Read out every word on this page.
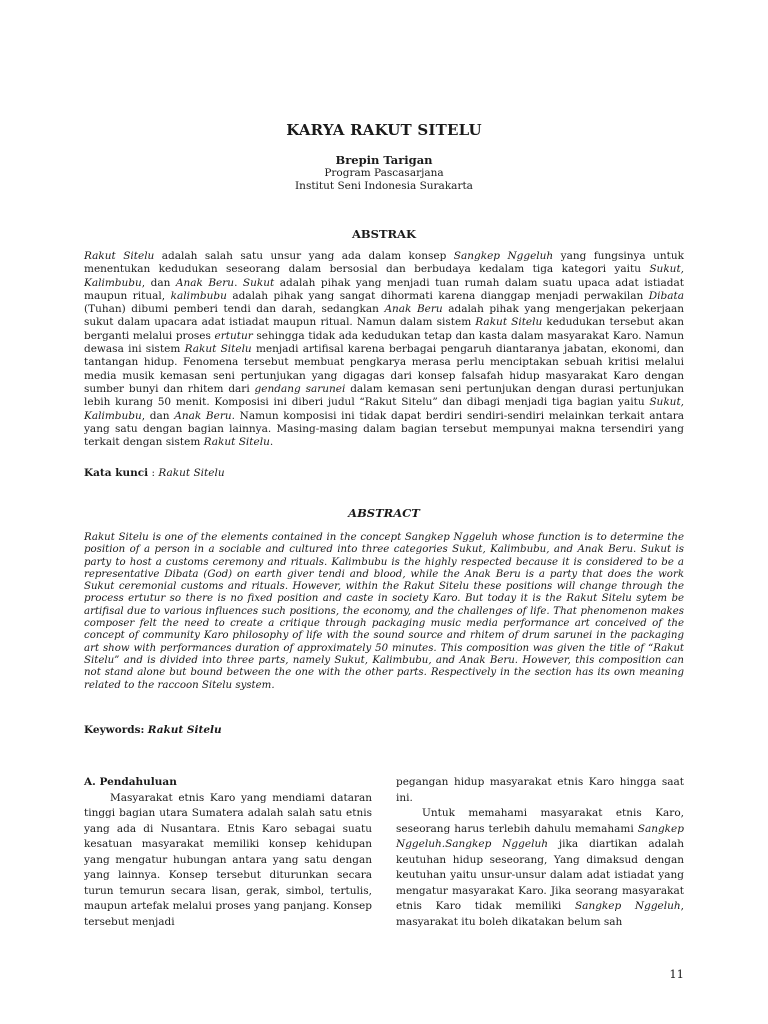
KARYA RAKUT SITELU
Brepin Tarigan
Program Pascasarjana
Institut Seni Indonesia Surakarta
ABSTRAK

Rakut Sitelu adalah salah satu unsur yang ada dalam konsep Sangkep Nggeluh yang fungsinya untuk menentukan kedudukan seseorang dalam bersosial dan berbudaya kedalam tiga kategori yaitu Sukut, Kalimbubu, dan Anak Beru. Sukut adalah pihak yang menjadi tuan rumah dalam suatu upaca adat istiadat maupun ritual, kalimbubu adalah pihak yang sangat dihormati karena dianggap menjadi perwakilan Dibata (Tuhan) dibumi pemberi tendi dan darah, sedangkan Anak Beru adalah pihak yang mengerjakan pekerjaan sukut dalam upacara adat istiadat maupun ritual. Namun dalam sistem Rakut Sitelu kedudukan tersebut akan berganti melalui proses ertutur sehingga tidak ada kedudukan tetap dan kasta dalam masyarakat Karo. Namun dewasa ini sistem Rakut Sitelu menjadi artifisal karena berbagai pengaruh diantaranya jabatan, ekonomi, dan tantangan hidup. Fenomena tersebut membuat pengkarya merasa perlu menciptakan sebuah kritisi melalui media musik kemasan seni pertunjukan yang digagas dari konsep falsafah hidup masyarakat Karo dengan sumber bunyi dan rhitem dari gendang sarunei dalam kemasan seni pertunjukan dengan durasi pertunjukan lebih kurang 50 menit. Komposisi ini diberi judul “Rakut Sitelu” dan dibagi menjadi tiga bagian yaitu Sukut, Kalimbubu, dan Anak Beru. Namun komposisi ini tidak dapat berdiri sendiri-sendiri melainkan terkait antara yang satu dengan bagian lainnya. Masing-masing dalam bagian tersebut mempunyai makna tersendiri yang terkait dengan sistem Rakut Sitelu.

Kata kunci : Rakut Sitelu
ABSTRACT

Rakut Sitelu is one of the elements contained in the concept Sangkep Nggeluh whose function is to determine the position of a person in a sociable and cultured into three categories Sukut, Kalimbubu, and Anak Beru. Sukut is party to host a customs ceremony and rituals. Kalimbubu is the highly respected because it is considered to be a representative Dibata (God) on earth giver tendi and blood, while the Anak Beru is a party that does the work Sukut ceremonial customs and rituals. However, within the Rakut Sitelu these positions will change through the process ertutur so there is no fixed position and caste in society Karo. But today it is the Rakut Sitelu sytem be artifisal due to various influences such positions, the economy, and the challenges of life. That phenomenon makes composer felt the need to create a critique through packaging music media performance art conceived of the concept of community Karo philosophy of life with the sound source and rhitem of drum sarunei in the packaging art show with performances duration of approximately 50 minutes. This composition was given the title of “Rakut Sitelu” and is divided into three parts, namely Sukut, Kalimbubu, and Anak Beru. However, this composition can not stand alone but bound between the one with the other parts. Respectively in the section has its own meaning related to the raccoon Sitelu system.

Keywords: Rakut Sitelu
A. Pendahuluan

Masyarakat etnis Karo yang mendiami dataran tinggi bagian utara Sumatera adalah salah satu etnis yang ada di Nusantara. Etnis Karo sebagai suatu kesatuan masyarakat memiliki konsep kehidupan yang mengatur hubungan antara yang satu dengan yang lainnya. Konsep tersebut diturunkan secara turun temurun secara lisan, gerak, simbol, tertulis, maupun artefak melalui proses yang panjang. Konsep tersebut menjadi

pegangan hidup masyarakat etnis Karo hingga saat ini.

Untuk memahami masyarakat etnis Karo, seseorang harus terlebih dahulu memahami Sangkep Nggeluh.Sangkep Nggeluh jika diartikan adalah keutuhan hidup seseorang, Yang dimaksud dengan keutuhan yaitu unsur-unsur dalam adat istiadat yang mengatur masyarakat Karo. Jika seorang masyarakat etnis Karo tidak memiliki Sangkep Nggeluh, masyarakat itu boleh dikatakan belum sah

11
